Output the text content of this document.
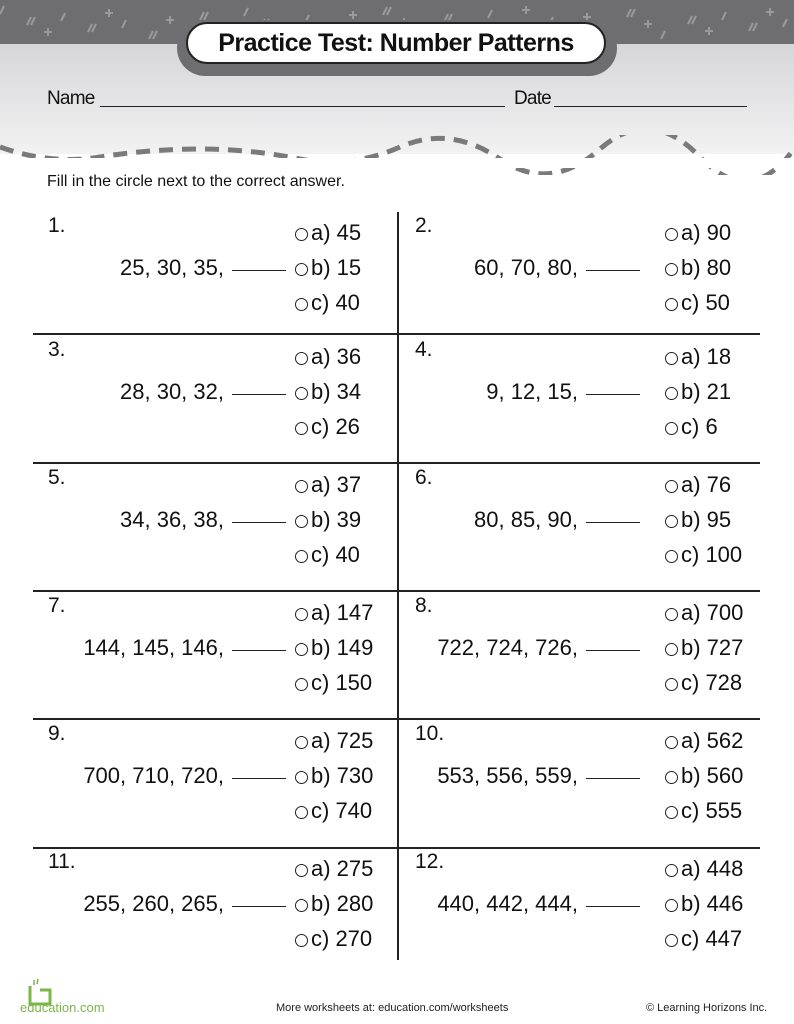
Practice Test: Number Patterns
Name	Date
Fill in the circle next to the correct answer.
1.
25, 30, 35,
a) 45
b) 15
c) 40
2.
60, 70, 80,
a) 90
b) 80
c) 50
3.
28, 30, 32,
a) 36
b) 34
c) 26
4.
9, 12, 15,
a) 18
b) 21
c) 6
5.
34, 36, 38,
a) 37
b) 39
c) 40
6.
80, 85, 90,
a) 76
b) 95
c) 100
7.
144, 145, 146,
a) 147
b) 149
c) 150
8.
722, 724, 726,
a) 700
b) 727
c) 728
9.
700, 710, 720,
a) 725
b) 730
c) 740
10.
553, 556, 559,
a) 562
b) 560
c) 555
11.
255, 260, 265,
a) 275
b) 280
c) 270
12.
440, 442, 444,
a) 448
b) 446
c) 447
education.com	More worksheets at: education.com/worksheets	© Learning Horizons Inc.
